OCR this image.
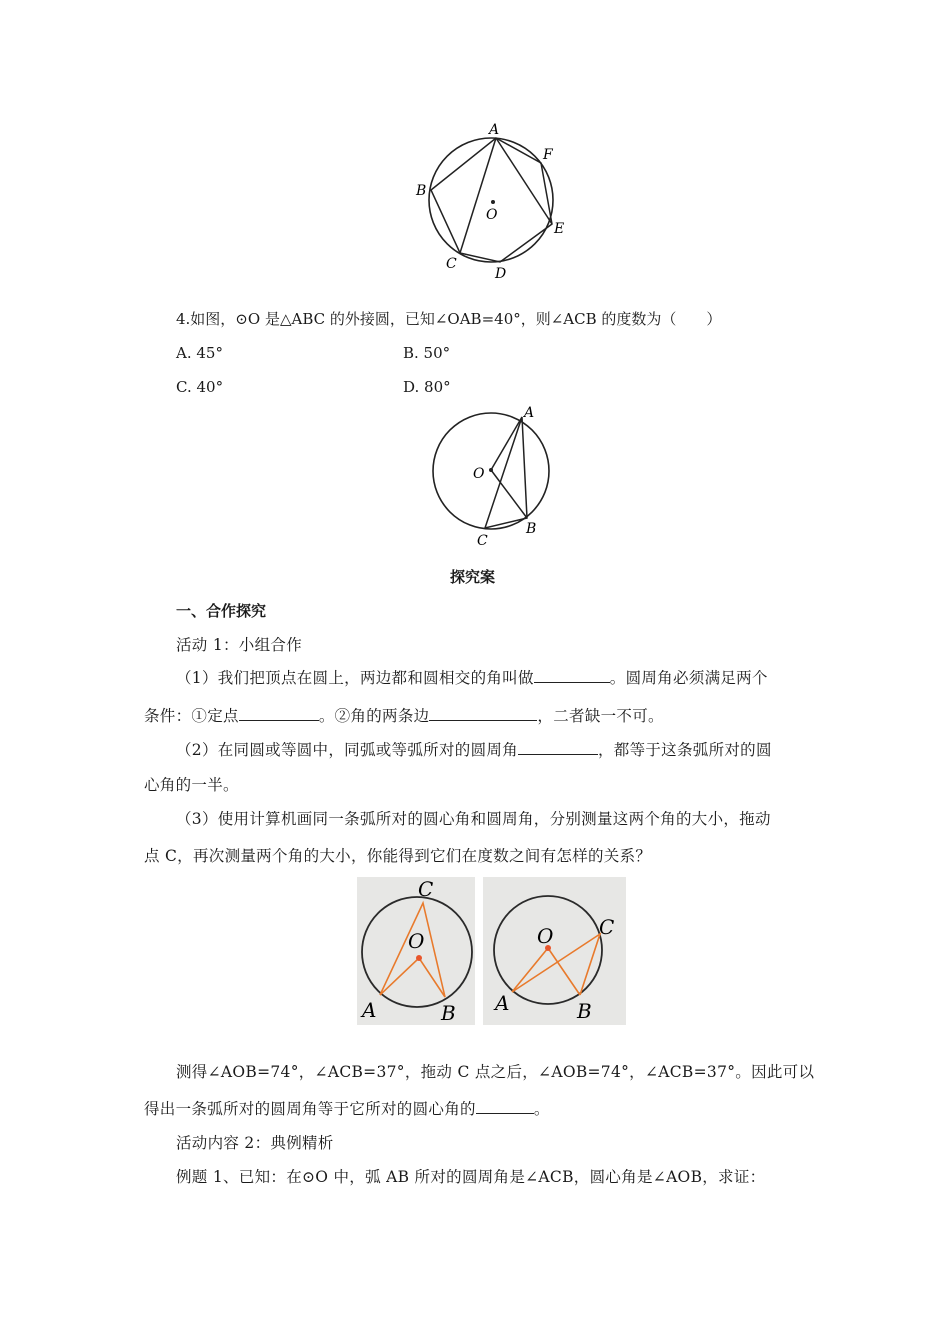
A
F
B
O
E
C
D
4.如图，⊙O 是△ABC 的外接圆，已知∠OAB=40°，则∠ACB 的度数为（　　）
A. 45°	B. 50°
C. 40°	D. 80°
A
O
B
C
探究案
一、合作探究
活动 1：小组合作
（1）我们把顶点在圆上，两边都和圆相交的角叫做	。圆周角必须满足两个
条件：①定点	。②角的两条边	，二者缺一不可。
（2）在同圆或等圆中，同弧或等弧所对的圆周角	，都等于这条弧所对的圆
心角的一半。
（3）使用计算机画同一条弧所对的圆心角和圆周角，分别测量这两个角的大小，拖动
点 C，再次测量两个角的大小，你能得到它们在度数之间有怎样的关系？
C
O
A	B
O C
A	B
测得∠AOB=74°，∠ACB=37°，拖动 C 点之后，∠AOB=74°，∠ACB=37°。因此可以
得出一条弧所对的圆周角等于它所对的圆心角的	。
活动内容 2：典例精析
例题 1、已知：在⊙O 中，弧 AB 所对的圆周角是∠ACB，圆心角是∠AOB，求证：
